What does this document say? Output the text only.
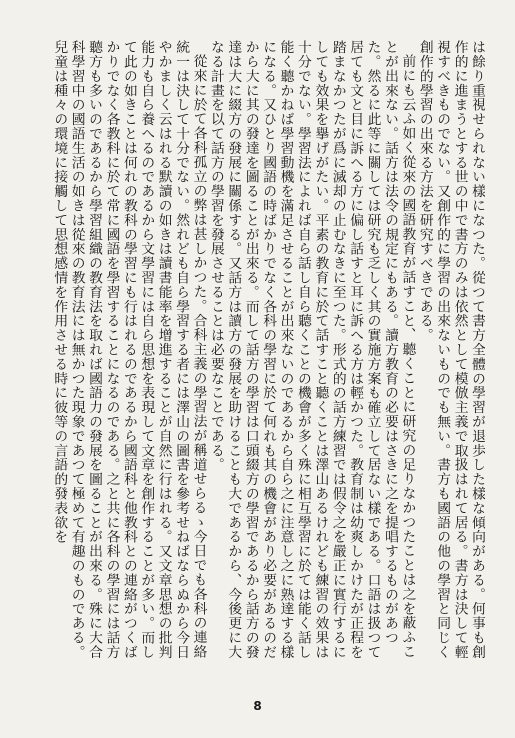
は餘り重視せられない樣になつた。從つて書方全體の學習が退歩した樣な傾向がある。何事も創作的に進まうとする世の中で書方のみは依然として模倣主義で取扱はれて居る。書方は決して輕視すべきものでない。又創作的に學習の出來ないものでも無い。書方も國語の他の學習と同じく創作的學習の出來る方法を研究すべきである。

前にも云ふ如く從來の國語教育が話すこと、聽くことに研究の足りなかつたことは之を蔽ふことが出來ない。話方は法令の規定にもある。讀方教育の必要はさきに之を提唱するものがあつた。然るに此等に關しては研究も乏しく其の實施方案も確立して居ない樣である。口語は扱つて居ても文と目に訴へる方に偏し話すと耳に訴へる方は輕かつた。教育制は幼爽しかけたが正程を踏まなかつたが爲に滅却の止むなきに至つた。形式的の話方練習では假令之を嚴正に實行するにしても效果を擧げがたい。平素の教育に於て話すこと聽くことは澤山あるけれども練習の效果は十分でない。學習法によれば自ら話し自ら聽くことの機會が多く殊に相互學習に於ては能く話し能く聽かねば學習動機を滿足させることが出來ないのであるから自ら之に注意し之に熟達する樣になる。又ひとり國語の時ばかりでなく各科の學習に於て何れも其の機會があり必要があるのだから大に其の發達を圖ることが出來る。而して話方の學習は口頭綴方の學習であるから話方の發達は大に綴方の發展に關係する。又話方は讀方の發展を助けることも大であるから、今後更に大なる計畫を以て話方の學習を發展させることは必要なことである。

從來に於て各科孤立の弊は甚しかつた。合科主義の學習法が稱道せらるゝ今日でも各科の連絡統一は決して十分でない。然れども自ら學習する者には澤山の圖書を參考せねばならぬから今日やかましく云はれる默讀の如きは讀書能率を增進することが自然に行はれる。又文章思想の批判能力も自ら養へるのであるから文學習には自ら思想を表現して文章を創作することが多い。而して此の如きことは何れの教科の學習にも行はれるのであるから國語科と他教科との連絡がつくばかりでなく各教科に於て常に國語を學習することになるのである。之と共に各科の學習には話方聽方も多いのであるから學習組織の教育法を取れば國語力の發展を圖ることが出來る。殊に大合科學習中の國語生活の如きは從來の教育法には無かつた現象であつて極めて有趣のものである。兒童は種々の環境に接觸して思想感情を作用させる時に彼等の言語的發表欲を

8
